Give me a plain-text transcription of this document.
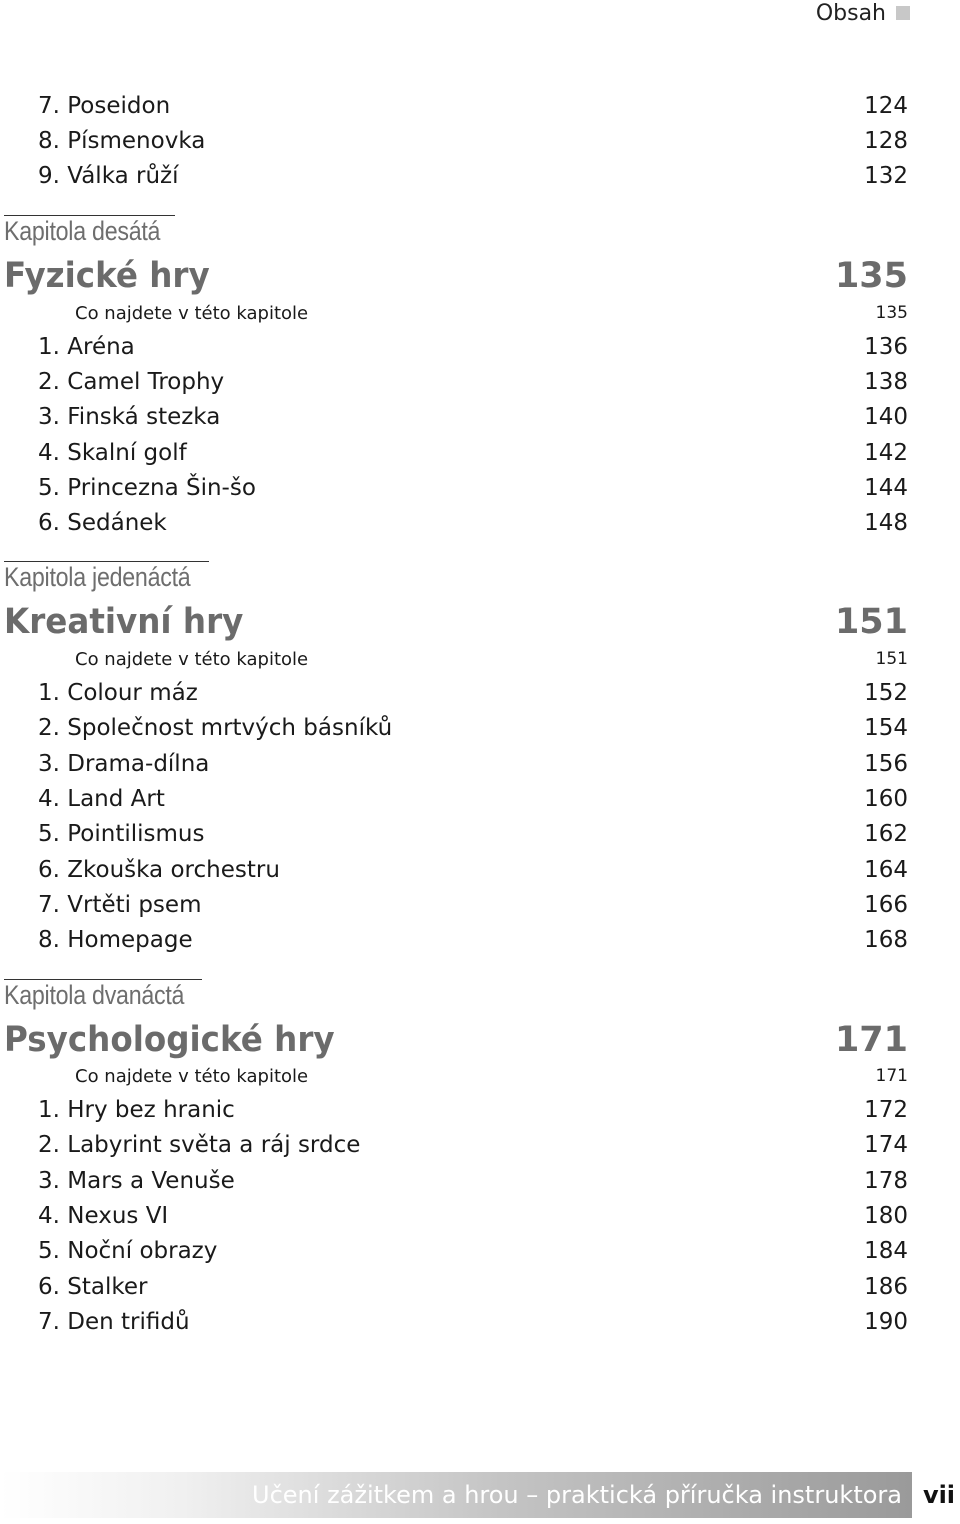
Obsah
7. Poseidon	124
8. Písmenovka	128
9. Válka růží	132
Kapitola desátá
Fyzické hry	135
Co najdete v této kapitole	135
1. Aréna	136
2. Camel Trophy	138
3. Finská stezka	140
4. Skalní golf	142
5. Princezna Šin-šo	144
6. Sedánek	148
Kapitola jedenáctá
Kreativní hry	151
Co najdete v této kapitole	151
1. Colour máz	152
2. Společnost mrtvých básníků	154
3. Drama-dílna	156
4. Land Art	160
5. Pointilismus	162
6. Zkouška orchestru	164
7. Vrtěti psem	166
8. Homepage	168
Kapitola dvanáctá
Psychologické hry	171
Co najdete v této kapitole	171
1. Hry bez hranic	172
2. Labyrint světa a ráj srdce	174
3. Mars a Venuše	178
4. Nexus VI	180
5. Noční obrazy	184
6. Stalker	186
7. Den trifidů	190
Učení zážitkem a hrou – praktická příručka instruktora vii
